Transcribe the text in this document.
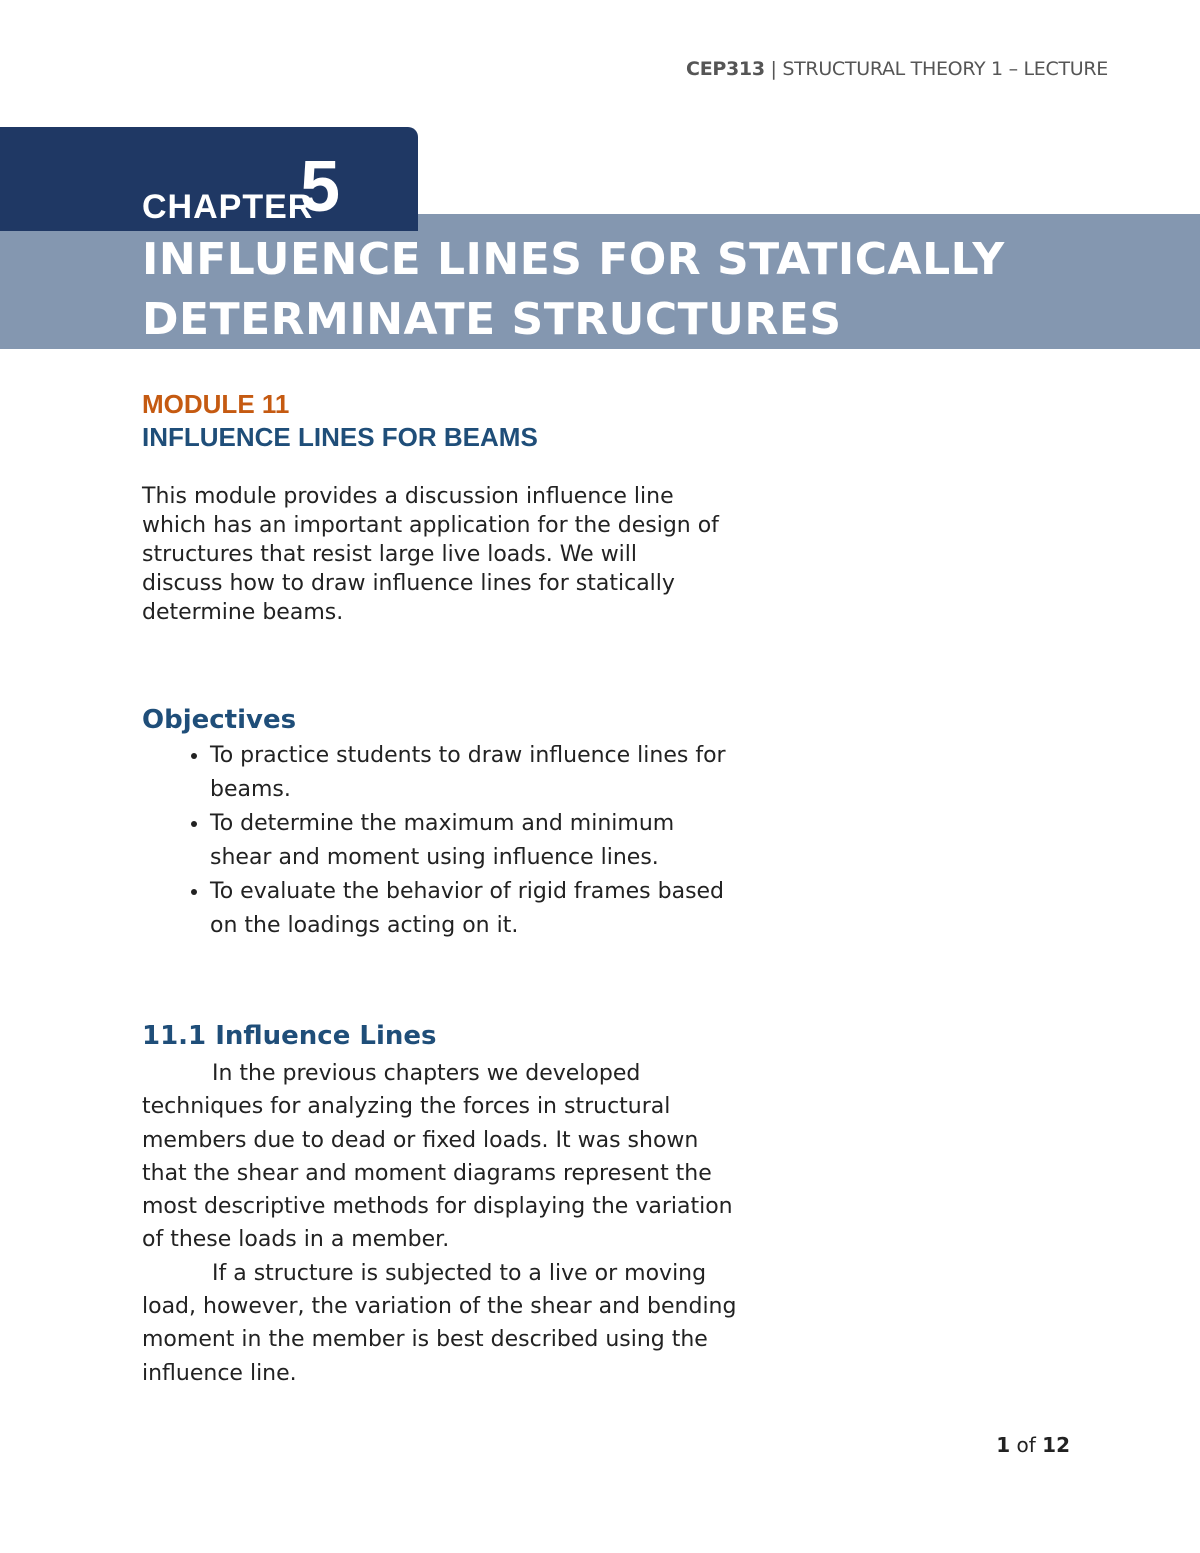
CEP313 | STRUCTURAL THEORY 1 – LECTURE
CHAPTER
5
INFLUENCE LINES FOR STATICALLY DETERMINATE STRUCTURES
MODULE 11
INFLUENCE LINES FOR BEAMS
This module provides a discussion influence line which has an important application for the design of structures that resist large live loads. We will discuss how to draw influence lines for statically determine beams.
Objectives
• To practice students to draw influence lines for beams.
• To determine the maximum and minimum shear and moment using influence lines.
• To evaluate the behavior of rigid frames based on the loadings acting on it.
11.1 Influence Lines

In the previous chapters we developed techniques for analyzing the forces in structural members due to dead or fixed loads. It was shown that the shear and moment diagrams represent the most descriptive methods for displaying the variation of these loads in a member.

If a structure is subjected to a live or moving load, however, the variation of the shear and bending moment in the member is best described using the influence line.

1 of 12
